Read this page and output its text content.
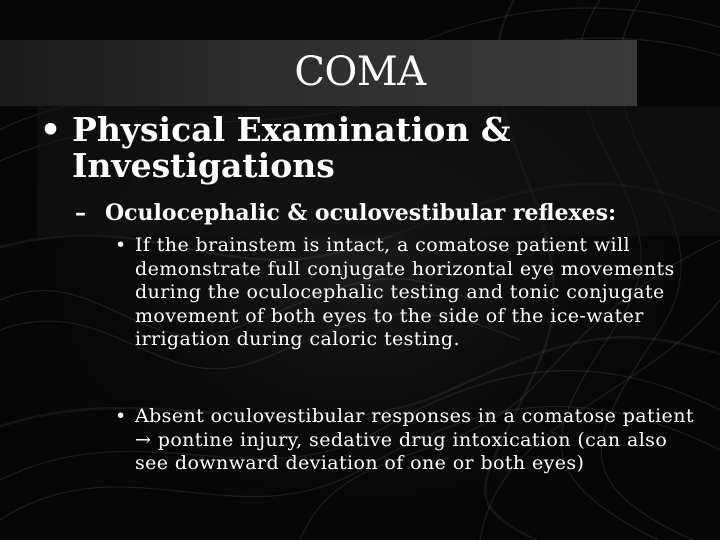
COMA
• Physical Examination & Investigations
– Oculocephalic & oculovestibular reflexes:
• If the brainstem is intact, a comatose patient will demonstrate full conjugate horizontal eye movements during the oculocephalic testing and tonic conjugate movement of both eyes to the side of the ice-water irrigation during caloric testing.
• Absent oculovestibular responses in a comatose patient → pontine injury, sedative drug intoxication (can also see downward deviation of one or both eyes)
